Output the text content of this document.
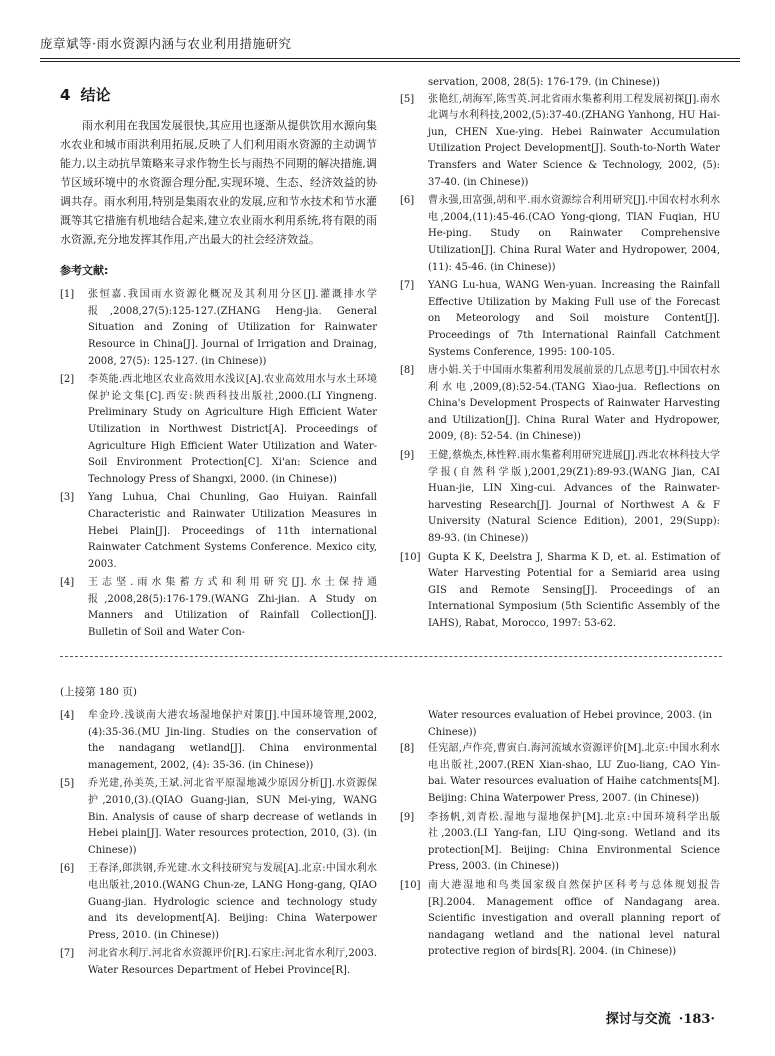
庞章斌等·雨水资源内涵与农业利用措施研究
4 结论

雨水利用在我国发展很快,其应用也逐渐从提供饮用水源向集水农业和城市雨洪利用拓展,反映了人们利用雨水资源的主动调节能力,以主动抗旱策略来寻求作物生长与雨热不同期的解决措施,调节区域环境中的水资源合理分配,实现环境、生态、经济效益的协调共存。雨水利用,特别是集雨农业的发展,应和节水技术和节水灌溉等其它措施有机地结合起来,建立农业雨水利用系统,将有限的雨水资源,充分地发挥其作用,产出最大的社会经济效益。

参考文献:
[1]	张恒嘉.我国雨水资源化概况及其利用分区[J].灌溉排水学报,2008,27(5):125-127.(ZHANG Heng-jia. General Situation and Zoning of Utilization for Rainwater Resource in China[J]. Journal of Irrigation and Drainag, 2008, 27(5): 125-127. (in Chinese))
[2]	李英能.西北地区农业高效用水浅议[A].农业高效用水与水土环境保护论文集[C].西安:陕西科技出版社,2000.(LI Yingneng. Preliminary Study on Agriculture High Efficient Water Utilization in Northwest District[A]. Proceedings of Agriculture High Efficient Water Utilization and Water-Soil Environment Protection[C]. Xi'an: Science and Technology Press of Shangxi, 2000. (in Chinese))
[3]	Yang Luhua, Chai Chunling, Gao Huiyan. Rainfall Characteristic and Rainwater Utilization Measures in Hebei Plain[J]. Proceedings of 11th international Rainwater Catchment Systems Conference. Mexico city, 2003.
[4]	王志坚.雨水集蓄方式和利用研究[J].水土保持通报,2008,28(5):176-179.(WANG Zhi-jian. A Study on Manners and Utilization of Rainfall Collection[J]. Bulletin of Soil and Water Con-
servation, 2008, 28(5): 176-179. (in Chinese))
[5]	张艳红,胡海军,陈雪英.河北省雨水集蓄利用工程发展初探[J].南水北调与水利科技,2002,(5):37-40.(ZHANG Yanhong, HU Hai-jun, CHEN Xue-ying. Hebei Rainwater Accumulation Utilization Project Development[J]. South-to-North Water Transfers and Water Science & Technology, 2002, (5): 37-40. (in Chinese))
[6]	曹永强,田富强,胡和平.雨水资源综合利用研究[J].中国农村水利水电,2004,(11):45-46.(CAO Yong-qiong, TIAN Fuqian, HU He-ping. Study on Rainwater Comprehensive Utilization[J]. China Rural Water and Hydropower, 2004, (11): 45-46. (in Chinese))
[7]	YANG Lu-hua, WANG Wen-yuan. Increasing the Rainfall Effective Utilization by Making Full use of the Forecast on Meteorology and Soil moisture Content[J]. Proceedings of 7th International Rainfall Catchment Systems Conference, 1995: 100-105.
[8]	唐小娟.关于中国雨水集蓄利用发展前景的几点思考[J].中国农村水利水电,2009,(8):52-54.(TANG Xiao-jua. Reflections on China's Development Prospects of Rainwater Harvesting and Utilization[J]. China Rural Water and Hydropower, 2009, (8): 52-54. (in Chinese))
[9]	王健,蔡焕杰,林性粹.雨水集蓄利用研究进展[J].西北农林科技大学学报(自然科学版),2001,29(Z1):89-93.(WANG Jian, CAI Huan-jie, LIN Xing-cui. Advances of the Rainwater-harvesting Research[J]. Journal of Northwest A & F University (Natural Science Edition), 2001, 29(Supp): 89-93. (in Chinese))
[10] Gupta K K, Deelstra J, Sharma K D, et. al. Estimation of Water Harvesting Potential for a Semiarid area using GIS and Remote Sensing[J]. Proceedings of an International Symposium (5th Scientific Assembly of the IAHS), Rabat, Morocco, 1997: 53-62.
(上接第 180 页)
[4]	牟金玲.浅谈南大港农场湿地保护对策[J].中国环境管理,2002,(4):35-36.(MU Jin-ling. Studies on the conservation of the nandagang wetland[J]. China environmental management, 2002, (4): 35-36. (in Chinese))
[5]	乔光建,孙美英,王斌.河北省平原湿地减少原因分析[J].水资源保护,2010,(3).(QIAO Guang-jian, SUN Mei-ying, WANG Bin. Analysis of cause of sharp decrease of wetlands in Hebei plain[J]. Water resources protection, 2010, (3). (in Chinese))
[6]	王春泽,郎洪钢,乔光建.水文科技研究与发展[A].北京:中国水利水电出版社,2010.(WANG Chun-ze, LANG Hong-gang, QIAO Guang-jian. Hydrologic science and technology study and its development[A]. Beijing: China Waterpower Press, 2010. (in Chinese))
[7]	河北省水利厅.河北省水资源评价[R].石家庄:河北省水利厅,2003. Water Resources Department of Hebei Province[R].
Water resources evaluation of Hebei province, 2003. (in Chinese))
[8]	任宪韶,卢作亮,曹寅白.海河流域水资源评价[M].北京:中国水利水电出版社,2007.(REN Xian-shao, LU Zuo-liang, CAO Yin-bai. Water resources evaluation of Haihe catchments[M]. Beijing: China Waterpower Press, 2007. (in Chinese))
[9]	李扬帆,刘青松.湿地与湿地保护[M].北京:中国环境科学出版社,2003.(LI Yang-fan, LIU Qing-song. Wetland and its protection[M]. Beijing: China Environmental Science Press, 2003. (in Chinese))
[10] 南大港湿地和鸟类国家级自然保护区科考与总体规划报告[R].2004. Management office of Nandagang area. Scientific investigation and overall planning report of nandagang wetland and the national level natural protective region of birds[R]. 2004. (in Chinese))
探讨与交流 ·183·
